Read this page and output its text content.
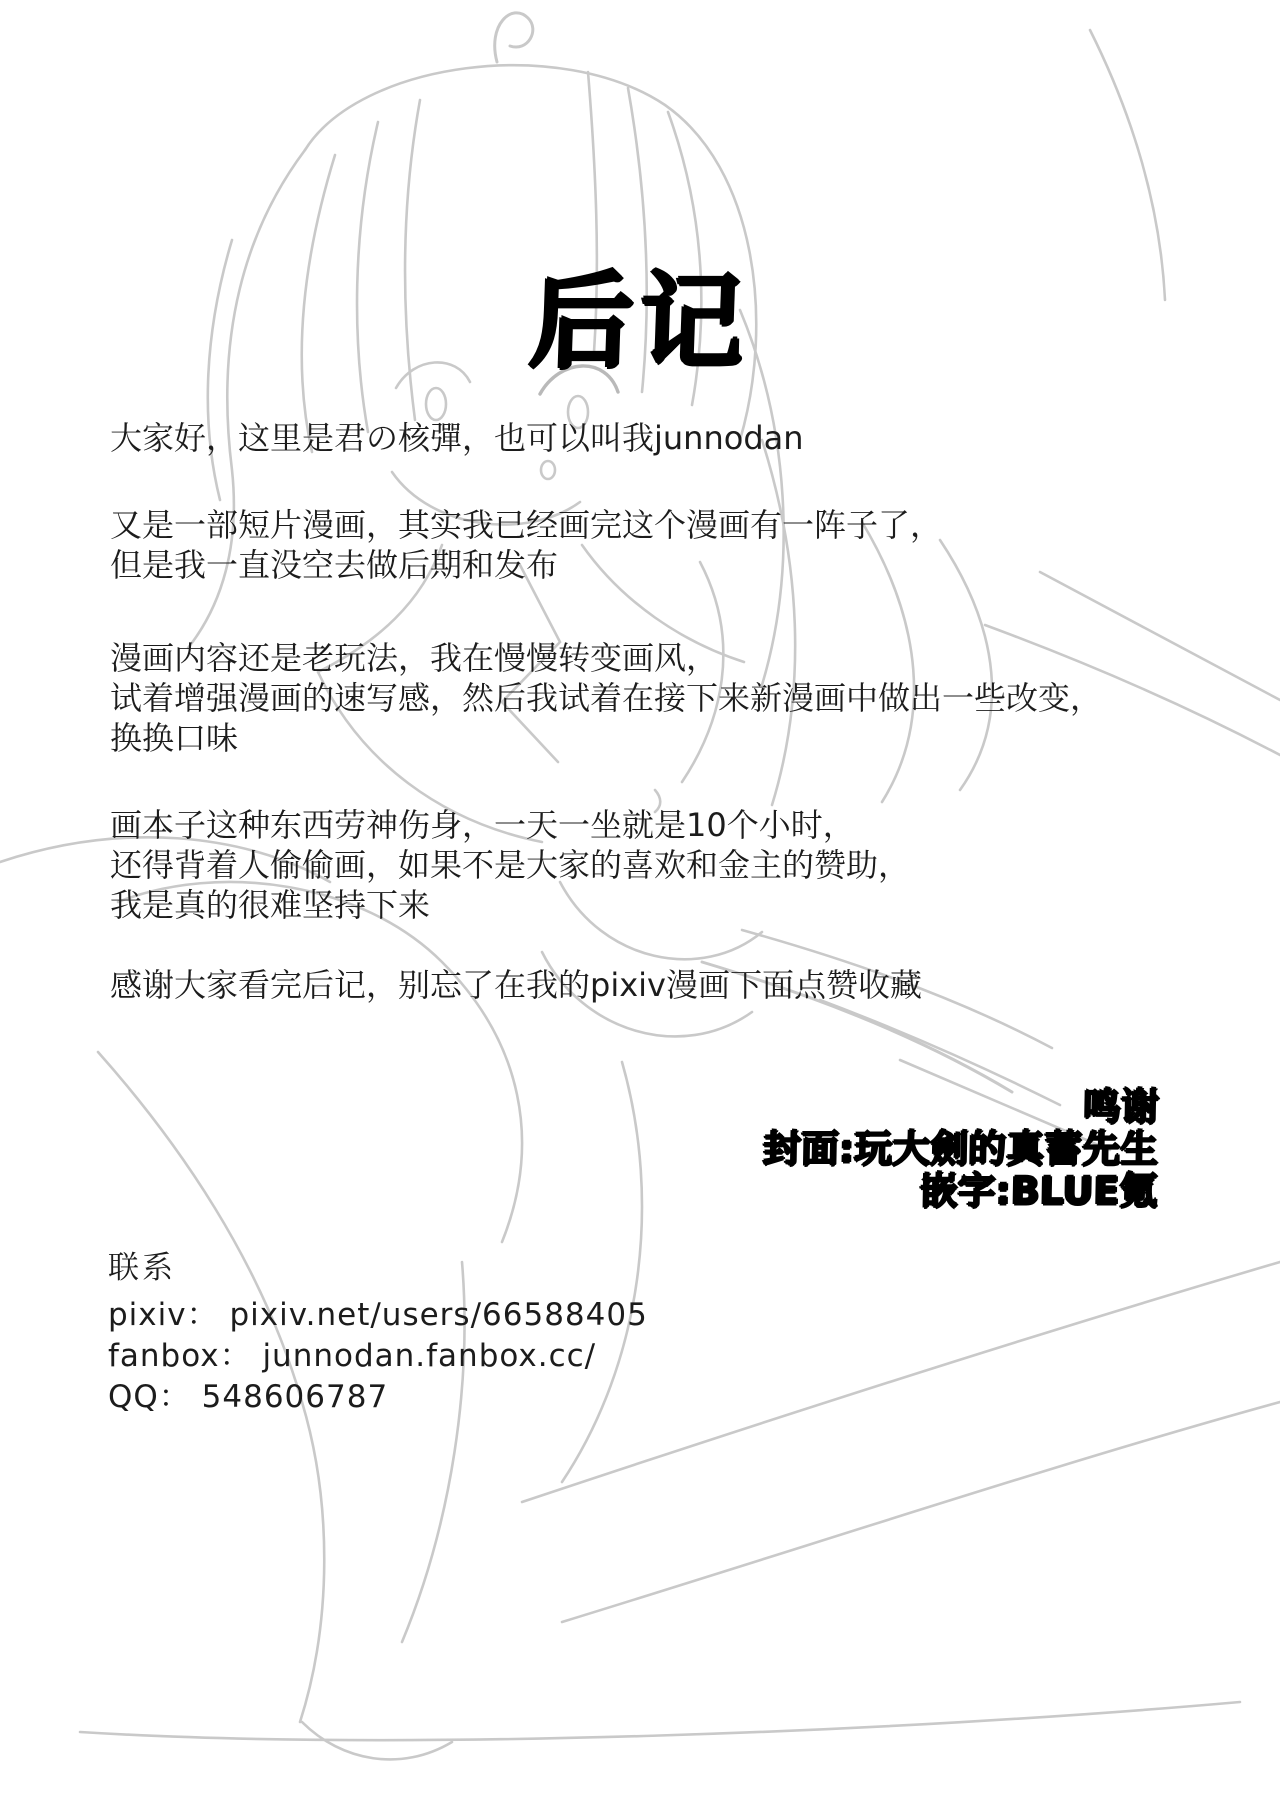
后记
大家好，这里是君の核彈，也可以叫我junnodan
又是一部短片漫画，其实我已经画完这个漫画有一阵子了，
但是我一直没空去做后期和发布
漫画内容还是老玩法，我在慢慢转变画风，
试着增强漫画的速写感，然后我试着在接下来新漫画中做出一些改变，
换换口味
画本子这种东西劳神伤身，一天一坐就是10个小时，
还得背着人偷偷画，如果不是大家的喜欢和金主的赞助，
我是真的很难坚持下来
感谢大家看完后记，别忘了在我的pixiv漫画下面点赞收藏
鸣谢
封面:玩大劍的真蓄先生
嵌字:BLUE氪
联系
pixiv： pixiv.net/users/66588405
fanbox： junnodan.fanbox.cc/
QQ： 548606787
